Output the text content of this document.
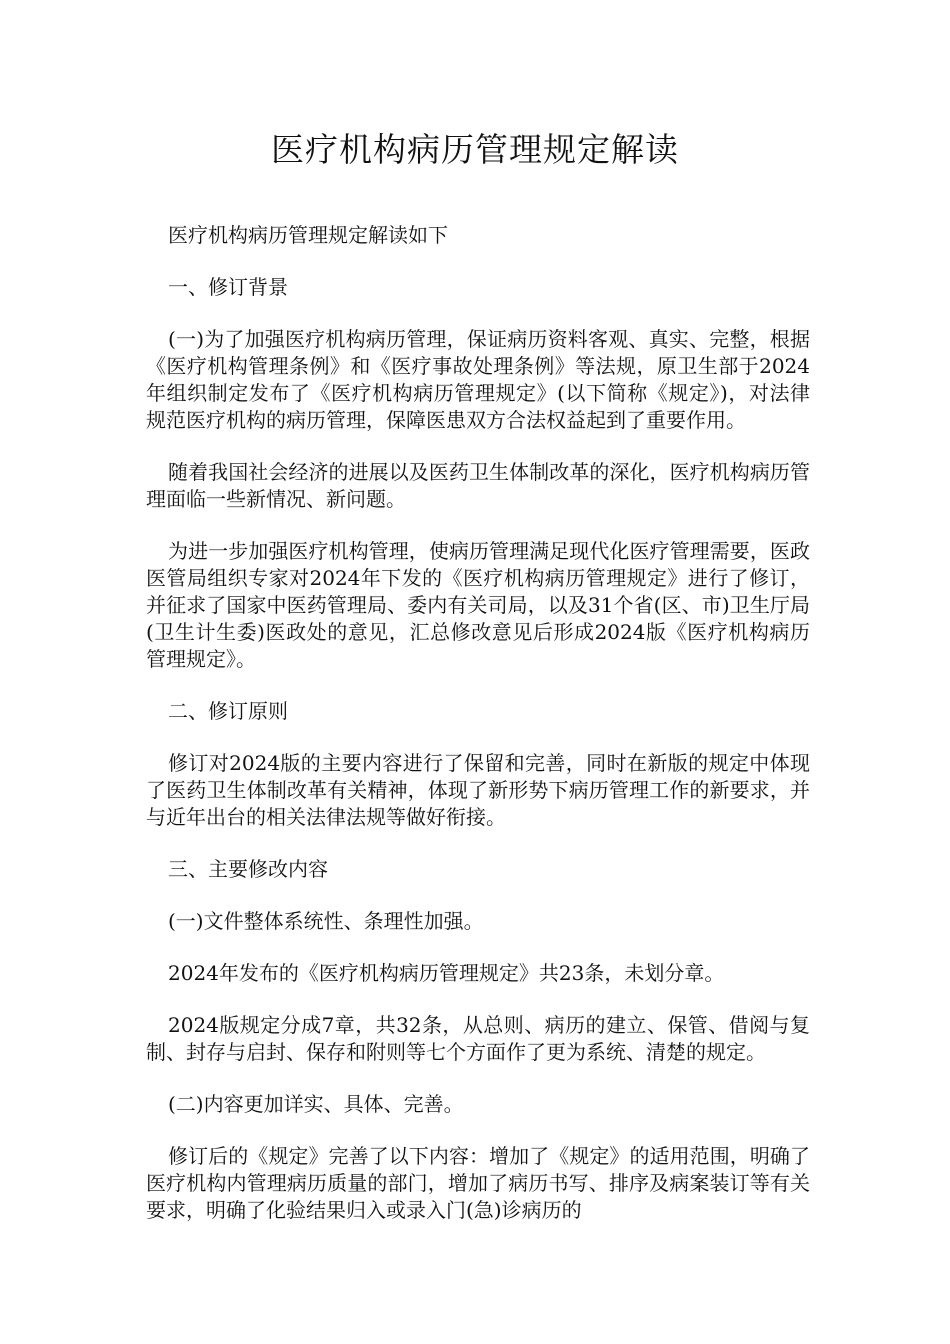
医疗机构病历管理规定解读

医疗机构病历管理规定解读如下

一、修订背景

(一)为了加强医疗机构病历管理，保证病历资料客观、真实、完整，根据《医疗机构管理条例》和《医疗事故处理条例》等法规，原卫生部于2024年组织制定发布了《医疗机构病历管理规定》(以下简称《规定》)，对法律规范医疗机构的病历管理，保障医患双方合法权益起到了重要作用。

随着我国社会经济的进展以及医药卫生体制改革的深化，医疗机构病历管理面临一些新情况、新问题。

为进一步加强医疗机构管理，使病历管理满足现代化医疗管理需要，医政医管局组织专家对2024年下发的《医疗机构病历管理规定》进行了修订，并征求了国家中医药管理局、委内有关司局，以及31个省(区、市)卫生厅局(卫生计生委)医政处的意见，汇总修改意见后形成2024版《医疗机构病历管理规定》。

二、修订原则

修订对2024版的主要内容进行了保留和完善，同时在新版的规定中体现了医药卫生体制改革有关精神，体现了新形势下病历管理工作的新要求，并与近年出台的相关法律法规等做好衔接。

三、主要修改内容

(一)文件整体系统性、条理性加强。

2024年发布的《医疗机构病历管理规定》共23条，未划分章。

2024版规定分成7章，共32条，从总则、病历的建立、保管、借阅与复制、封存与启封、保存和附则等七个方面作了更为系统、清楚的规定。

(二)内容更加详实、具体、完善。

修订后的《规定》完善了以下内容：增加了《规定》的适用范围，明确了医疗机构内管理病历质量的部门，增加了病历书写、排序及病案装订等有关要求，明确了化验结果归入或录入门(急)诊病历的
